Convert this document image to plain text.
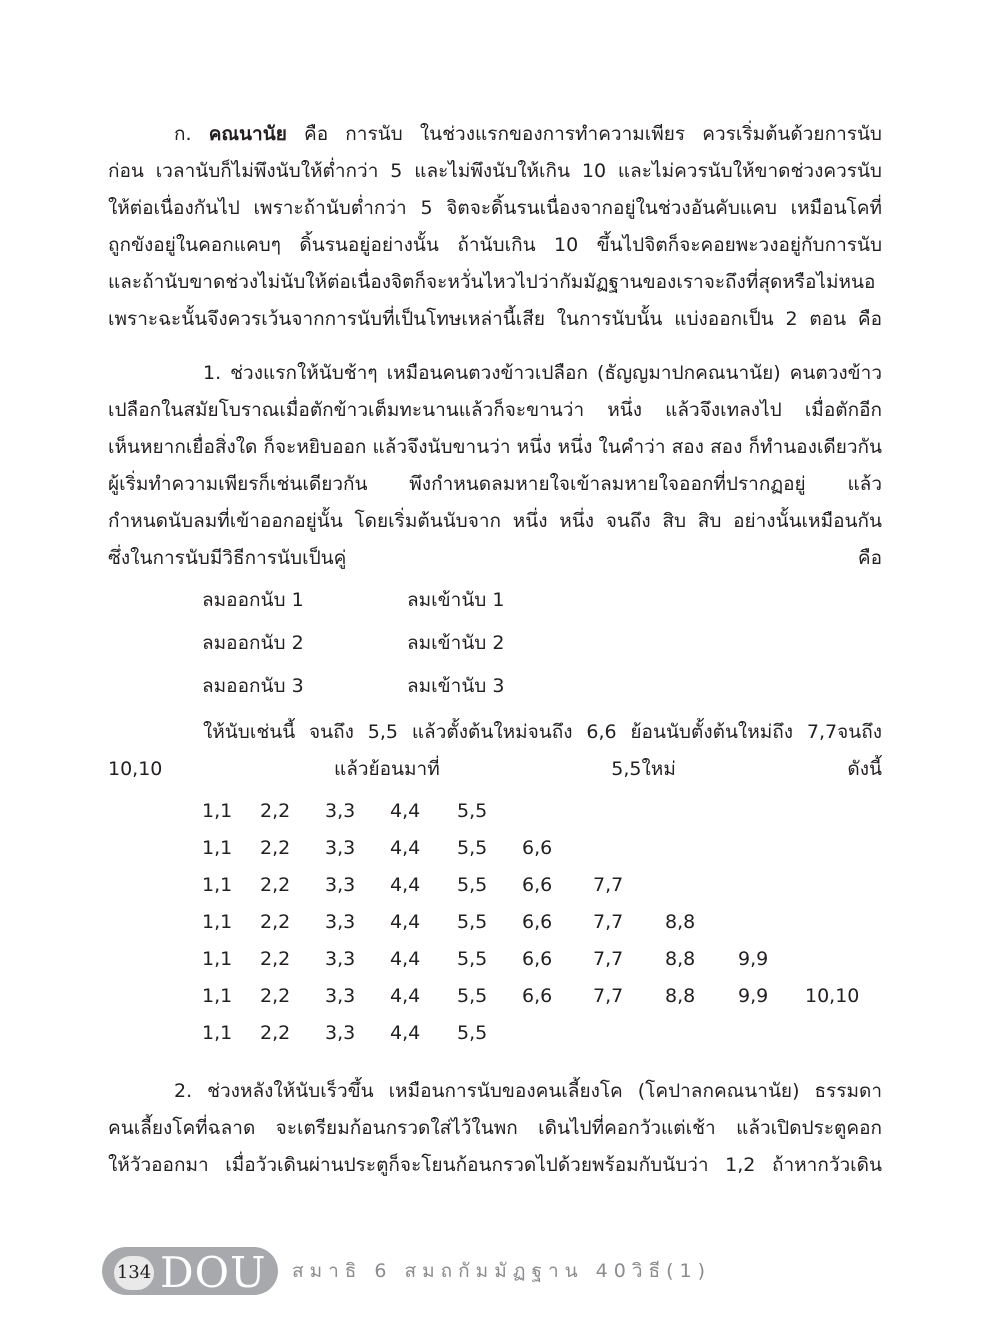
ก. คณนานัย คือ การนับ ในช่วงแรกของการทำความเพียร ควรเริ่มต้นด้วยการนับ
ก่อน เวลานับก็ไม่พึงนับให้ต่ำกว่า 5 และไม่พึงนับให้เกิน 10 และไม่ควรนับให้ขาดช่วงควรนับ
ให้ต่อเนื่องกันไป เพราะถ้านับต่ำกว่า 5 จิตจะดิ้นรนเนื่องจากอยู่ในช่วงอันคับแคบ เหมือนโคที่
ถูกขังอยู่ในคอกแคบๆ ดิ้นรนอยู่อย่างนั้น ถ้านับเกิน 10 ขึ้นไปจิตก็จะคอยพะวงอยู่กับการนับ
และถ้านับขาดช่วงไม่นับให้ต่อเนื่องจิตก็จะหวั่นไหวไปว่ากัมมัฏฐานของเราจะถึงที่สุดหรือไม่หนอ
เพราะฉะนั้นจึงควรเว้นจากการนับที่เป็นโทษเหล่านี้เสีย ในการนับนั้น แบ่งออกเป็น 2 ตอน คือ
1. ช่วงแรกให้นับช้าๆ เหมือนคนตวงข้าวเปลือก (ธัญญมาปกคณนานัย) คนตวงข้าว
เปลือกในสมัยโบราณเมื่อตักข้าวเต็มทะนานแล้วก็จะขานว่า หนึ่ง แล้วจึงเทลงไป เมื่อตักอีก
เห็นหยากเยื่อสิ่งใด ก็จะหยิบออก แล้วจึงนับขานว่า หนึ่ง หนึ่ง ในคำว่า สอง สอง ก็ทำนองเดียวกัน
ผู้เริ่มทำความเพียรก็เช่นเดียวกัน พึงกำหนดลมหายใจเข้าลมหายใจออกที่ปรากฏอยู่ แล้ว
กำหนดนับลมที่เข้าออกอยู่นั้น โดยเริ่มต้นนับจาก หนึ่ง หนึ่ง จนถึง สิบ สิบ อย่างนั้นเหมือนกัน
ซึ่งในการนับมีวิธีการนับเป็นคู่ คือ
ลมออกนับ 1	ลมเข้านับ 1
ลมออกนับ 2	ลมเข้านับ 2
ลมออกนับ 3	ลมเข้านับ 3
ให้นับเช่นนี้ จนถึง 5,5 แล้วตั้งต้นใหม่จนถึง 6,6 ย้อนนับตั้งต้นใหม่ถึง 7,7จนถึง
10,10 แล้วย้อนมาที่ 5,5ใหม่ ดังนี้
1,1 2,2 3,3 4,4 5,5
1,1 2,2 3,3 4,4 5,5 6,6
1,1 2,2 3,3 4,4 5,5 6,6 7,7
1,1 2,2 3,3 4,4 5,5 6,6 7,7 8,8
1,1 2,2 3,3 4,4 5,5 6,6 7,7 8,8 9,9
1,1 2,2 3,3 4,4 5,5 6,6 7,7 8,8 9,9 10,10
1,1 2,2 3,3 4,4 5,5
2. ช่วงหลังให้นับเร็วขึ้น เหมือนการนับของคนเลี้ยงโค (โคปาลกคณนานัย) ธรรมดา
คนเลี้ยงโคที่ฉลาด จะเตรียมก้อนกรวดใส่ไว้ในพก เดินไปที่คอกวัวแต่เช้า แล้วเปิดประตูคอก
ให้วัวออกมา เมื่อวัวเดินผ่านประตูก็จะโยนก้อนกรวดไปด้วยพร้อมกับนับว่า 1,2 ถ้าหากวัวเดิน
134 DOU สมาธิ 6 สมถกัมมัฏฐาน 40วิธี(1)
